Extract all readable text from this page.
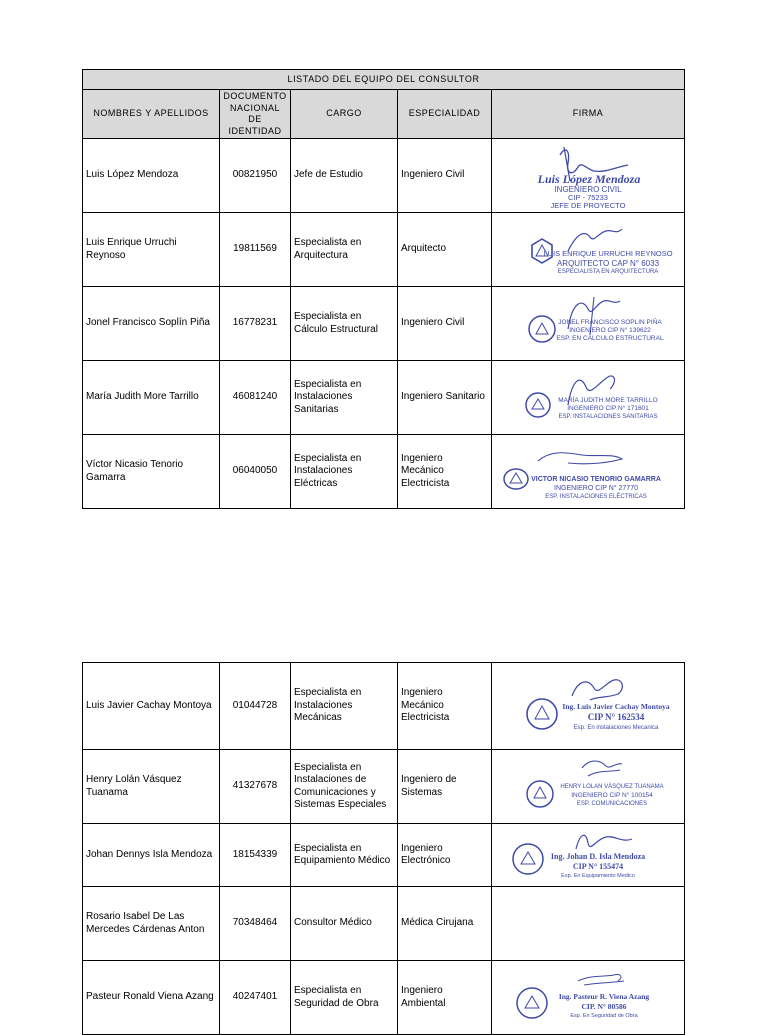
LISTADO DEL EQUIPO DEL CONSULTOR				
NOMBRES Y APELLIDOS	DOCUMENTO NACIONAL DE IDENTIDAD	CARGO	ESPECIALIDAD	FIRMA
Luis López Mendoza	00821950	Jefe de Estudio	Ingeniero Civil	Luis López Mendoza
INGENIERO CIVIL
CIP - 75233
JEFE DE PROYECTO

Luis Enrique Urruchi Reynoso	19811569	Especialista en Arquitectura	Arquitecto	LUIS ENRIQUE URRUCHI REYNOSO
ARQUITECTO CAP N° 6033
ESPECIALISTA EN ARQUITECTURA

Jonel Francisco Soplín Piña	16778231	Especialista en Cálculo Estructural	Ingeniero Civil	JONEL FRANCISCO SOPLIN PIÑA
INGENIERO CIP N° 139622
ESP. EN CALCULO ESTRUCTURAL

María Judith More Tarrillo	46081240	Especialista en Instalaciones Sanitarias	Ingeniero Sanitario	MARÍA JUDITH MORE TARRILLO
INGENIERO CIP N° 171601
ESP. INSTALACIONES SANITARIAS

Víctor Nicasio Tenorio Gamarra	06040050	Especialista en Instalaciones Eléctricas	Ingeniero Mecánico Electricista	VICTOR NICASIO TENORIO GAMARRA
INGENIERO CIP N° 27770
ESP. INSTALACIONES ELÉCTRICAS
Luis Javier Cachay Montoya	01044728	Especialista en Instalaciones Mecánicas	Ingeniero Mecánico Electricista	Ing. Luis Javier Cachay Montoya
CIP N° 162534
Esp. En instalaciones Mecanica

Henry Lolán Vásquez Tuanama	41327678	Especialista en Instalaciones de Comunicaciones y Sistemas Especiales	Ingeniero de Sistemas	HENRY LOLAN VÁSQUEZ TUANAMA
INGENIERO CIP N° 100154
ESP. COMUNICACIONES

Johan Dennys Isla Mendoza	18154339	Especialista en Equipamiento Médico	Ingeniero Electrónico	Ing. Johan D. Isla Mendoza
CIP N° 155474
Esp. En Equipamiento Medico

Rosario Isabel De Las Mercedes Cárdenas Anton	70348464	Consultor Médico	Médica Cirujana	
Pasteur Ronald Viena Azang	40247401	Especialista en Seguridad de Obra	Ingeniero Ambiental	Ing. Pasteur R. Viena Azang
CIP. N° 80586
Esp. En Seguridad de Obra
